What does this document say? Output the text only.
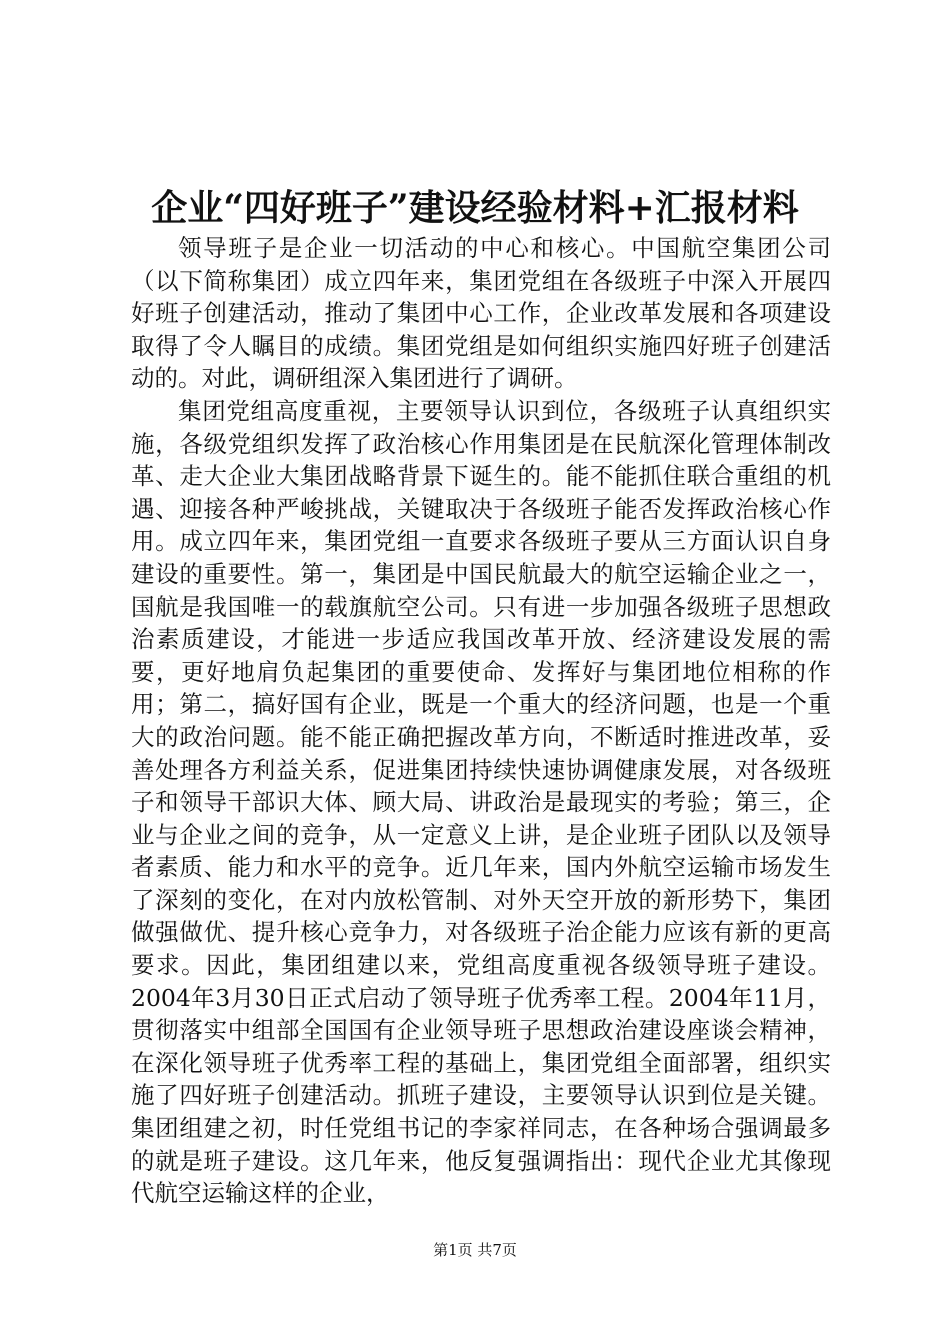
企业“四好班子”建设经验材料+汇报材料

领导班子是企业一切活动的中心和核心。中国航空集团公司（以下简称集团）成立四年来，集团党组在各级班子中深入开展四好班子创建活动，推动了集团中心工作，企业改革发展和各项建设取得了令人瞩目的成绩。集团党组是如何组织实施四好班子创建活动的。对此，调研组深入集团进行了调研。

集团党组高度重视，主要领导认识到位，各级班子认真组织实施，各级党组织发挥了政治核心作用集团是在民航深化管理体制改革、走大企业大集团战略背景下诞生的。能不能抓住联合重组的机遇、迎接各种严峻挑战，关键取决于各级班子能否发挥政治核心作用。成立四年来，集团党组一直要求各级班子要从三方面认识自身建设的重要性。第一，集团是中国民航最大的航空运输企业之一，国航是我国唯一的载旗航空公司。只有进一步加强各级班子思想政治素质建设，才能进一步适应我国改革开放、经济建设发展的需要，更好地肩负起集团的重要使命、发挥好与集团地位相称的作用；第二，搞好国有企业，既是一个重大的经济问题，也是一个重大的政治问题。能不能正确把握改革方向，不断适时推进改革，妥善处理各方利益关系，促进集团持续快速协调健康发展，对各级班子和领导干部识大体、顾大局、讲政治是最现实的考验；第三，企业与企业之间的竞争，从一定意义上讲，是企业班子团队以及领导者素质、能力和水平的竞争。近几年来，国内外航空运输市场发生了深刻的变化，在对内放松管制、对外天空开放的新形势下，集团做强做优、提升核心竞争力，对各级班子治企能力应该有新的更高要求。因此，集团组建以来，党组高度重视各级领导班子建设。2004年3月30日正式启动了领导班子优秀率工程。2004年11月，贯彻落实中组部全国国有企业领导班子思想政治建设座谈会精神，在深化领导班子优秀率工程的基础上，集团党组全面部署，组织实施了四好班子创建活动。抓班子建设，主要领导认识到位是关键。集团组建之初，时任党组书记的李家祥同志，在各种场合强调最多的就是班子建设。这几年来，他反复强调指出：现代企业尤其像现代航空运输这样的企业，

第1页 共7页
